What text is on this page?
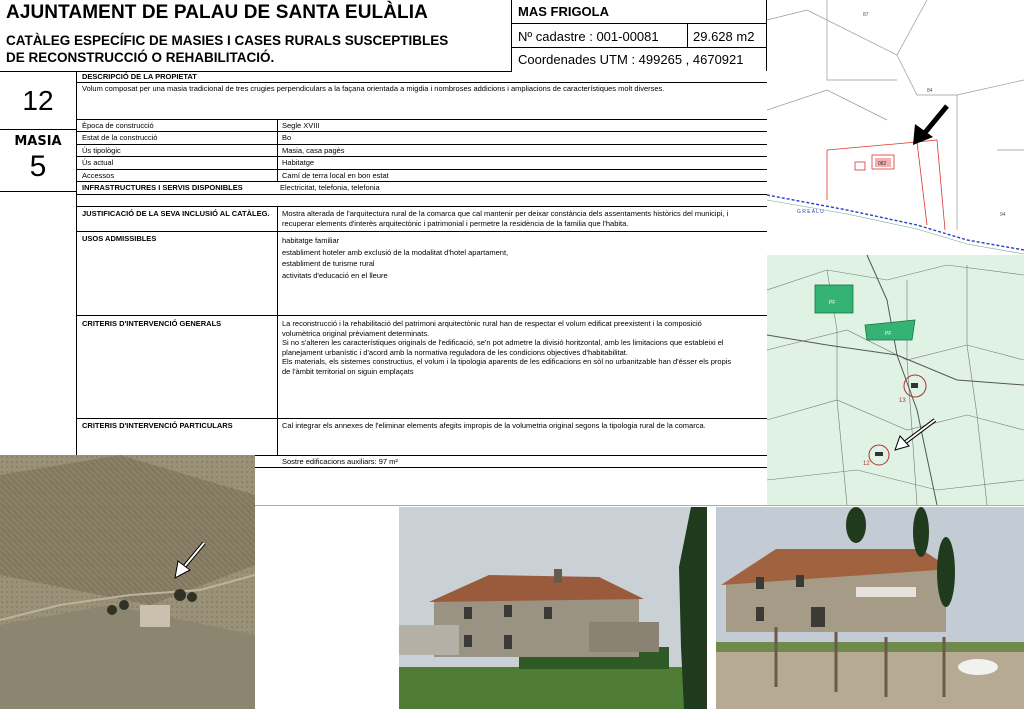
AJUNTAMENT DE PALAU DE SANTA EULÀLIA
CATÀLEG ESPECÍFIC DE MASIES I CASES RURALS SUSCEPTIBLES
DE RECONSTRUCCIÓ O REHABILITACIÓ.
MAS FRIGOLA
Nº cadastre : 001-00081	29.628 m2
Coordenades UTM : 499265 , 4670921
12
MASIA
5
DESCRIPCIÓ DE LA PROPIETAT
Volum composat per una masia tradicional de tres crugies perpendiculars a la façana orientada a migdia i nombroses addicions i ampliacions de característiques molt diverses.
Època de construcció	Segle XVIII
Estat de la construcció	Bo
Ús tipològic	Masia, casa pagès
Ús actual	Habitatge
Accessos	Camí de terra local en bon estat
INFRASTRUCTURES I SERVIS DISPONIBLES	Electricitat, telefonia, telefonia
JUSTIFICACIÓ DE LA SEVA INCLUSIÓ AL CATÀLEG. Mostra alterada de l'arquitectura rural de la comarca que cal mantenir per deixar constància dels assentaments històrics del municipi, i
recuperar elements d'interès arquitectònic i patrimonial i permetre la residència de la familia que l'habita.
USOS ADMISSIBLES	habitatge familiar
establiment hoteler amb exclusió de la modalitat d'hotel apartament,
establiment de turisme rural
activitats d'educació en el lleure
CRITERIS D'INTERVENCIÓ GENERALS	La reconstrucció i la rehabilitació del patrimoni arquitectònic rural han de respectar el volum edificat preexistent i la composició
volumètrica original prèviament determinats.
Si no s'alteren les característiques originals de l'edificació, se'n pot admetre la divisió horitzontal, amb les limitacions que estableixi el
planejament urbanístic i d'acord amb la normativa reguladora de les condicions objectives d'habitabilitat.
Els materials, els sistemes constructius, el volum i la tipologia aparents de les edificacions en sòl no urbanitzable han d'ésser els propis
de l'àmbit territorial on siguin emplaçats
CRITERIS D'INTERVENCIÓ PARTICULARS	Cal integrar els annexes de l'eliminar elements afegits impropis de la volumetria original segons la tipologia rural de la comarca.
Sostre edificacions auxiliars: 97 m²
87
84
94
082
13
12
PF
PF
G R E A L U
